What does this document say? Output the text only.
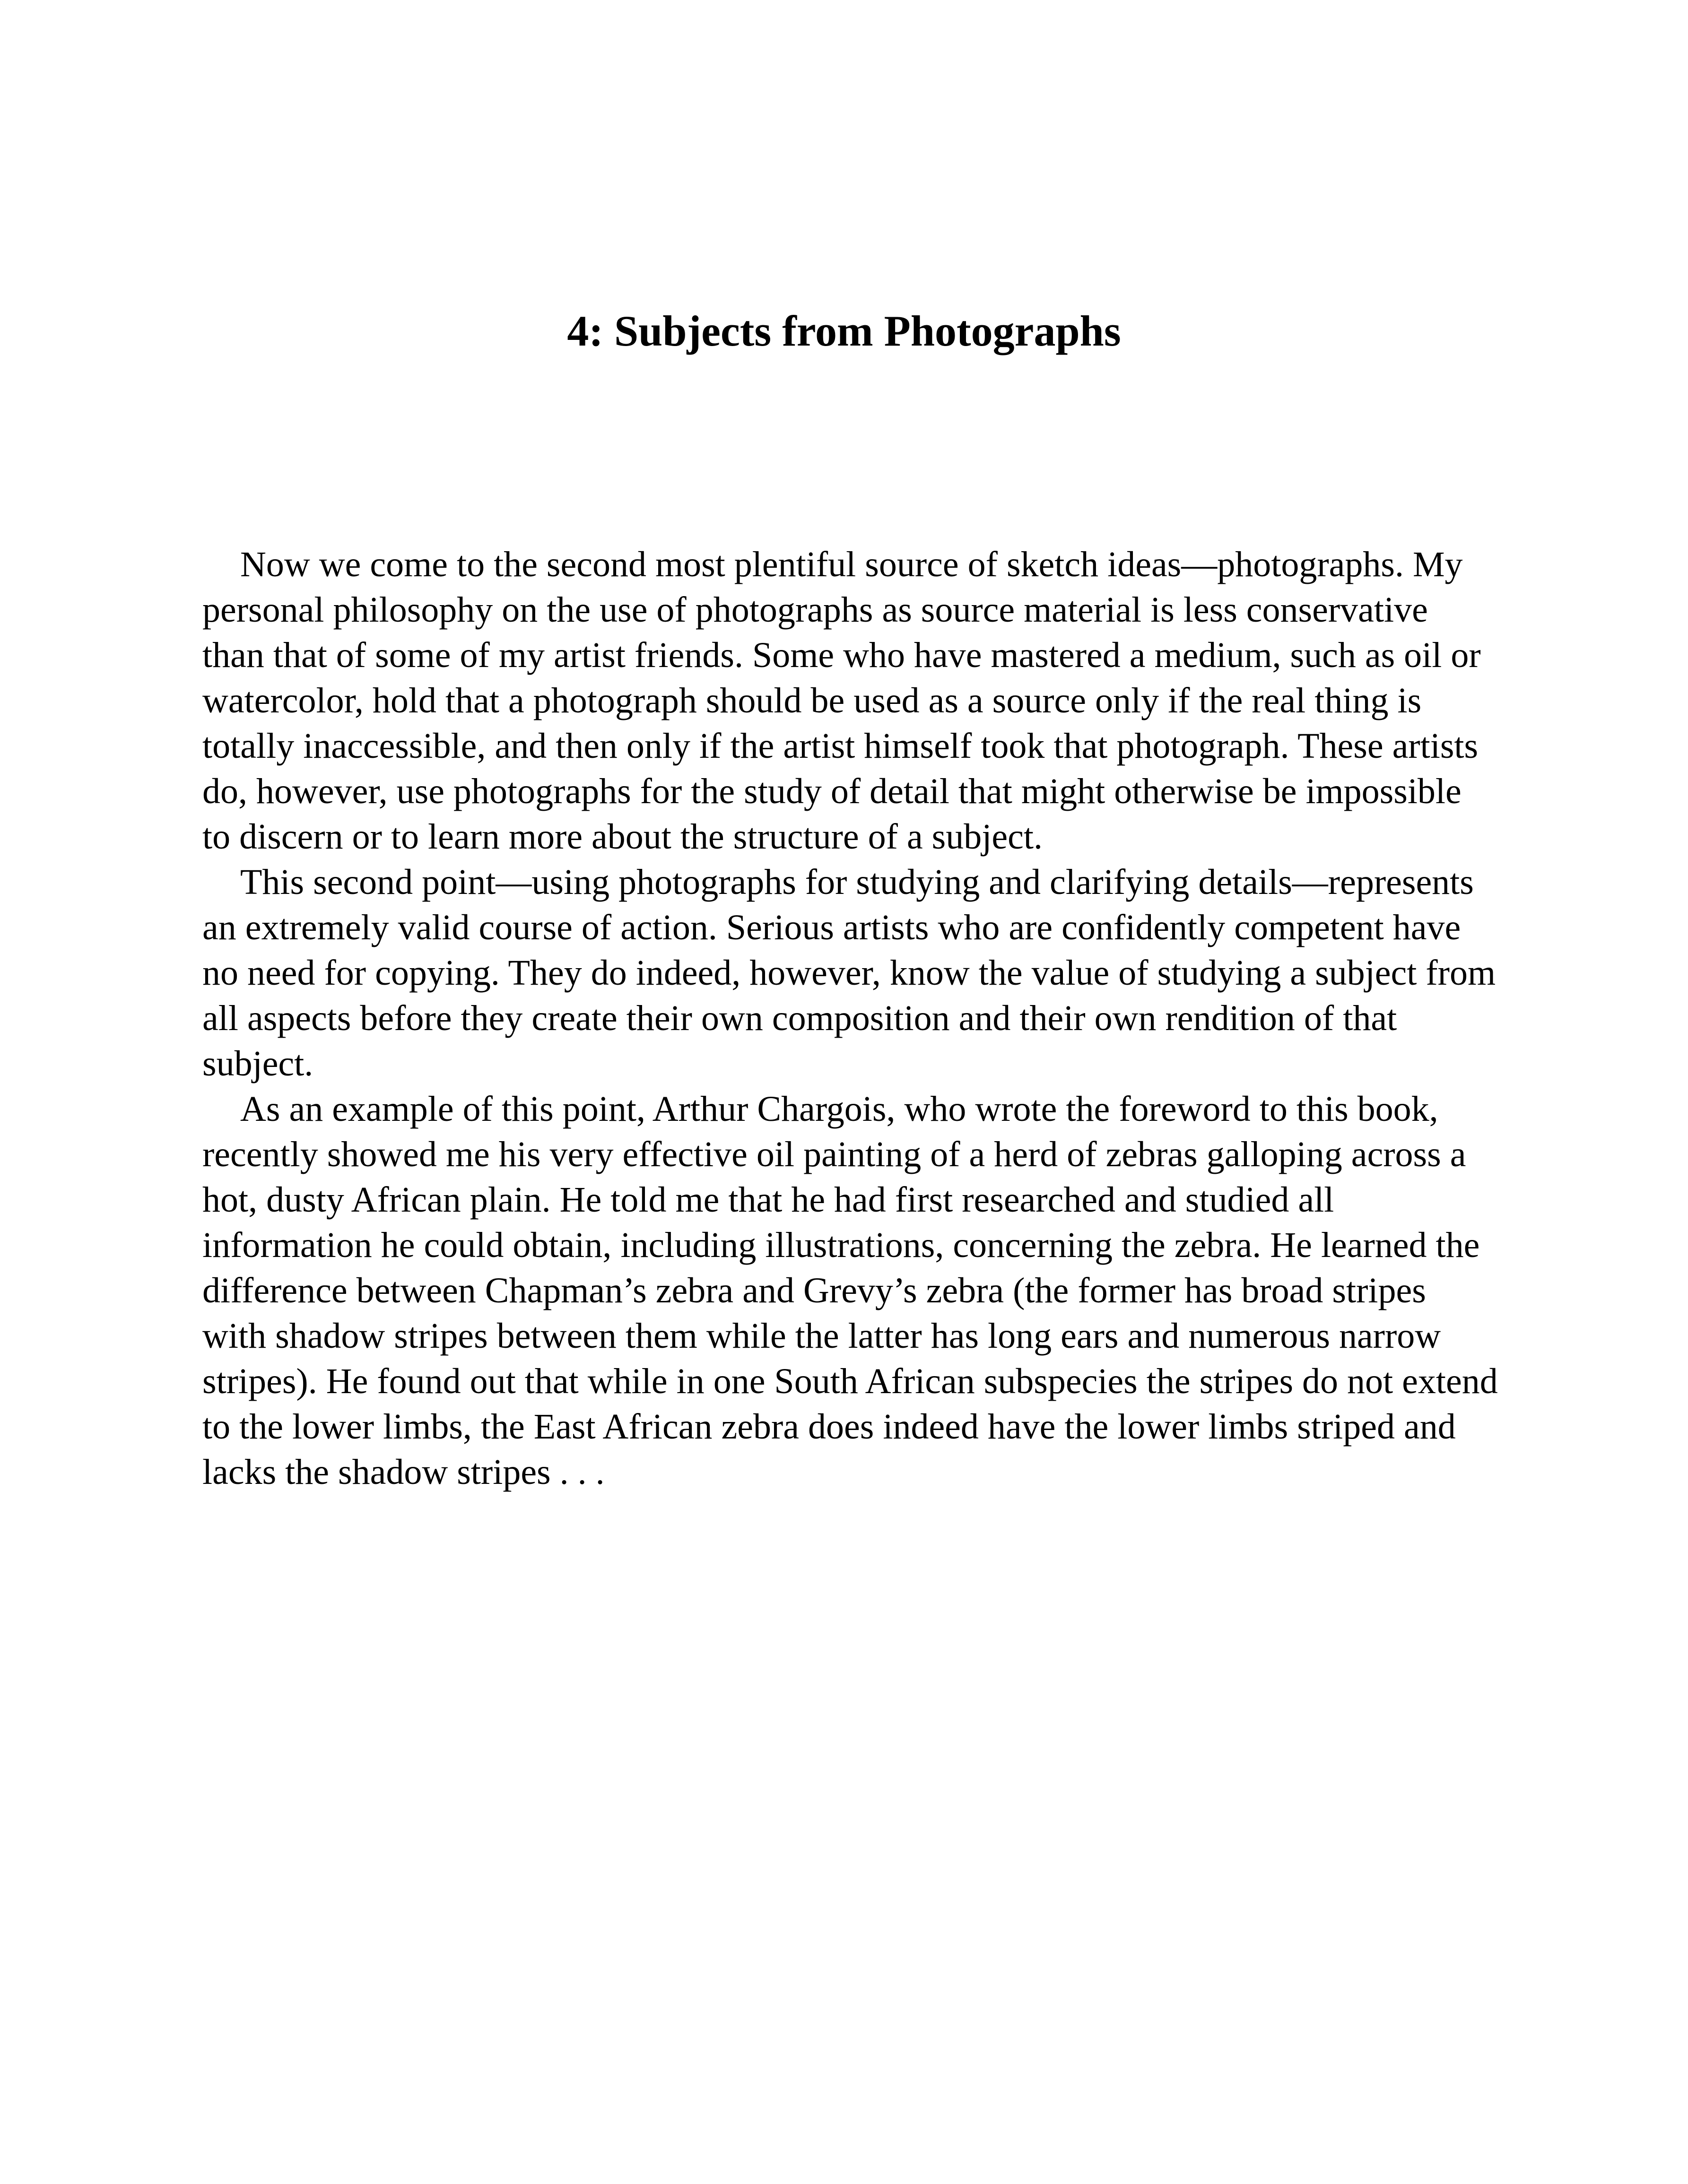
4: Subjects from Photographs

Now we come to the second most plentiful source of sketch ideas—photographs. My personal philosophy on the use of photographs as source material is less conservative than that of some of my artist friends. Some who have mastered a medium, such as oil or watercolor, hold that a photograph should be used as a source only if the real thing is totally inaccessible, and then only if the artist himself took that photograph. These artists do, however, use photographs for the study of detail that might otherwise be impossible to discern or to learn more about the structure of a subject.

This second point—using photographs for studying and clarifying details—represents an extremely valid course of action. Serious artists who are confidently competent have no need for copying. They do indeed, however, know the value of studying a subject from all aspects before they create their own composition and their own rendition of that subject.

As an example of this point, Arthur Chargois, who wrote the foreword to this book, recently showed me his very effective oil painting of a herd of zebras galloping across a hot, dusty African plain. He told me that he had first researched and studied all information he could obtain, including illustrations, concerning the zebra. He learned the difference between Chapman’s zebra and Grevy’s zebra (the former has broad stripes with shadow stripes between them while the latter has long ears and numerous narrow stripes). He found out that while in one South African subspecies the stripes do not extend to the lower limbs, the East African zebra does indeed have the lower limbs striped and lacks the shadow stripes . . .
